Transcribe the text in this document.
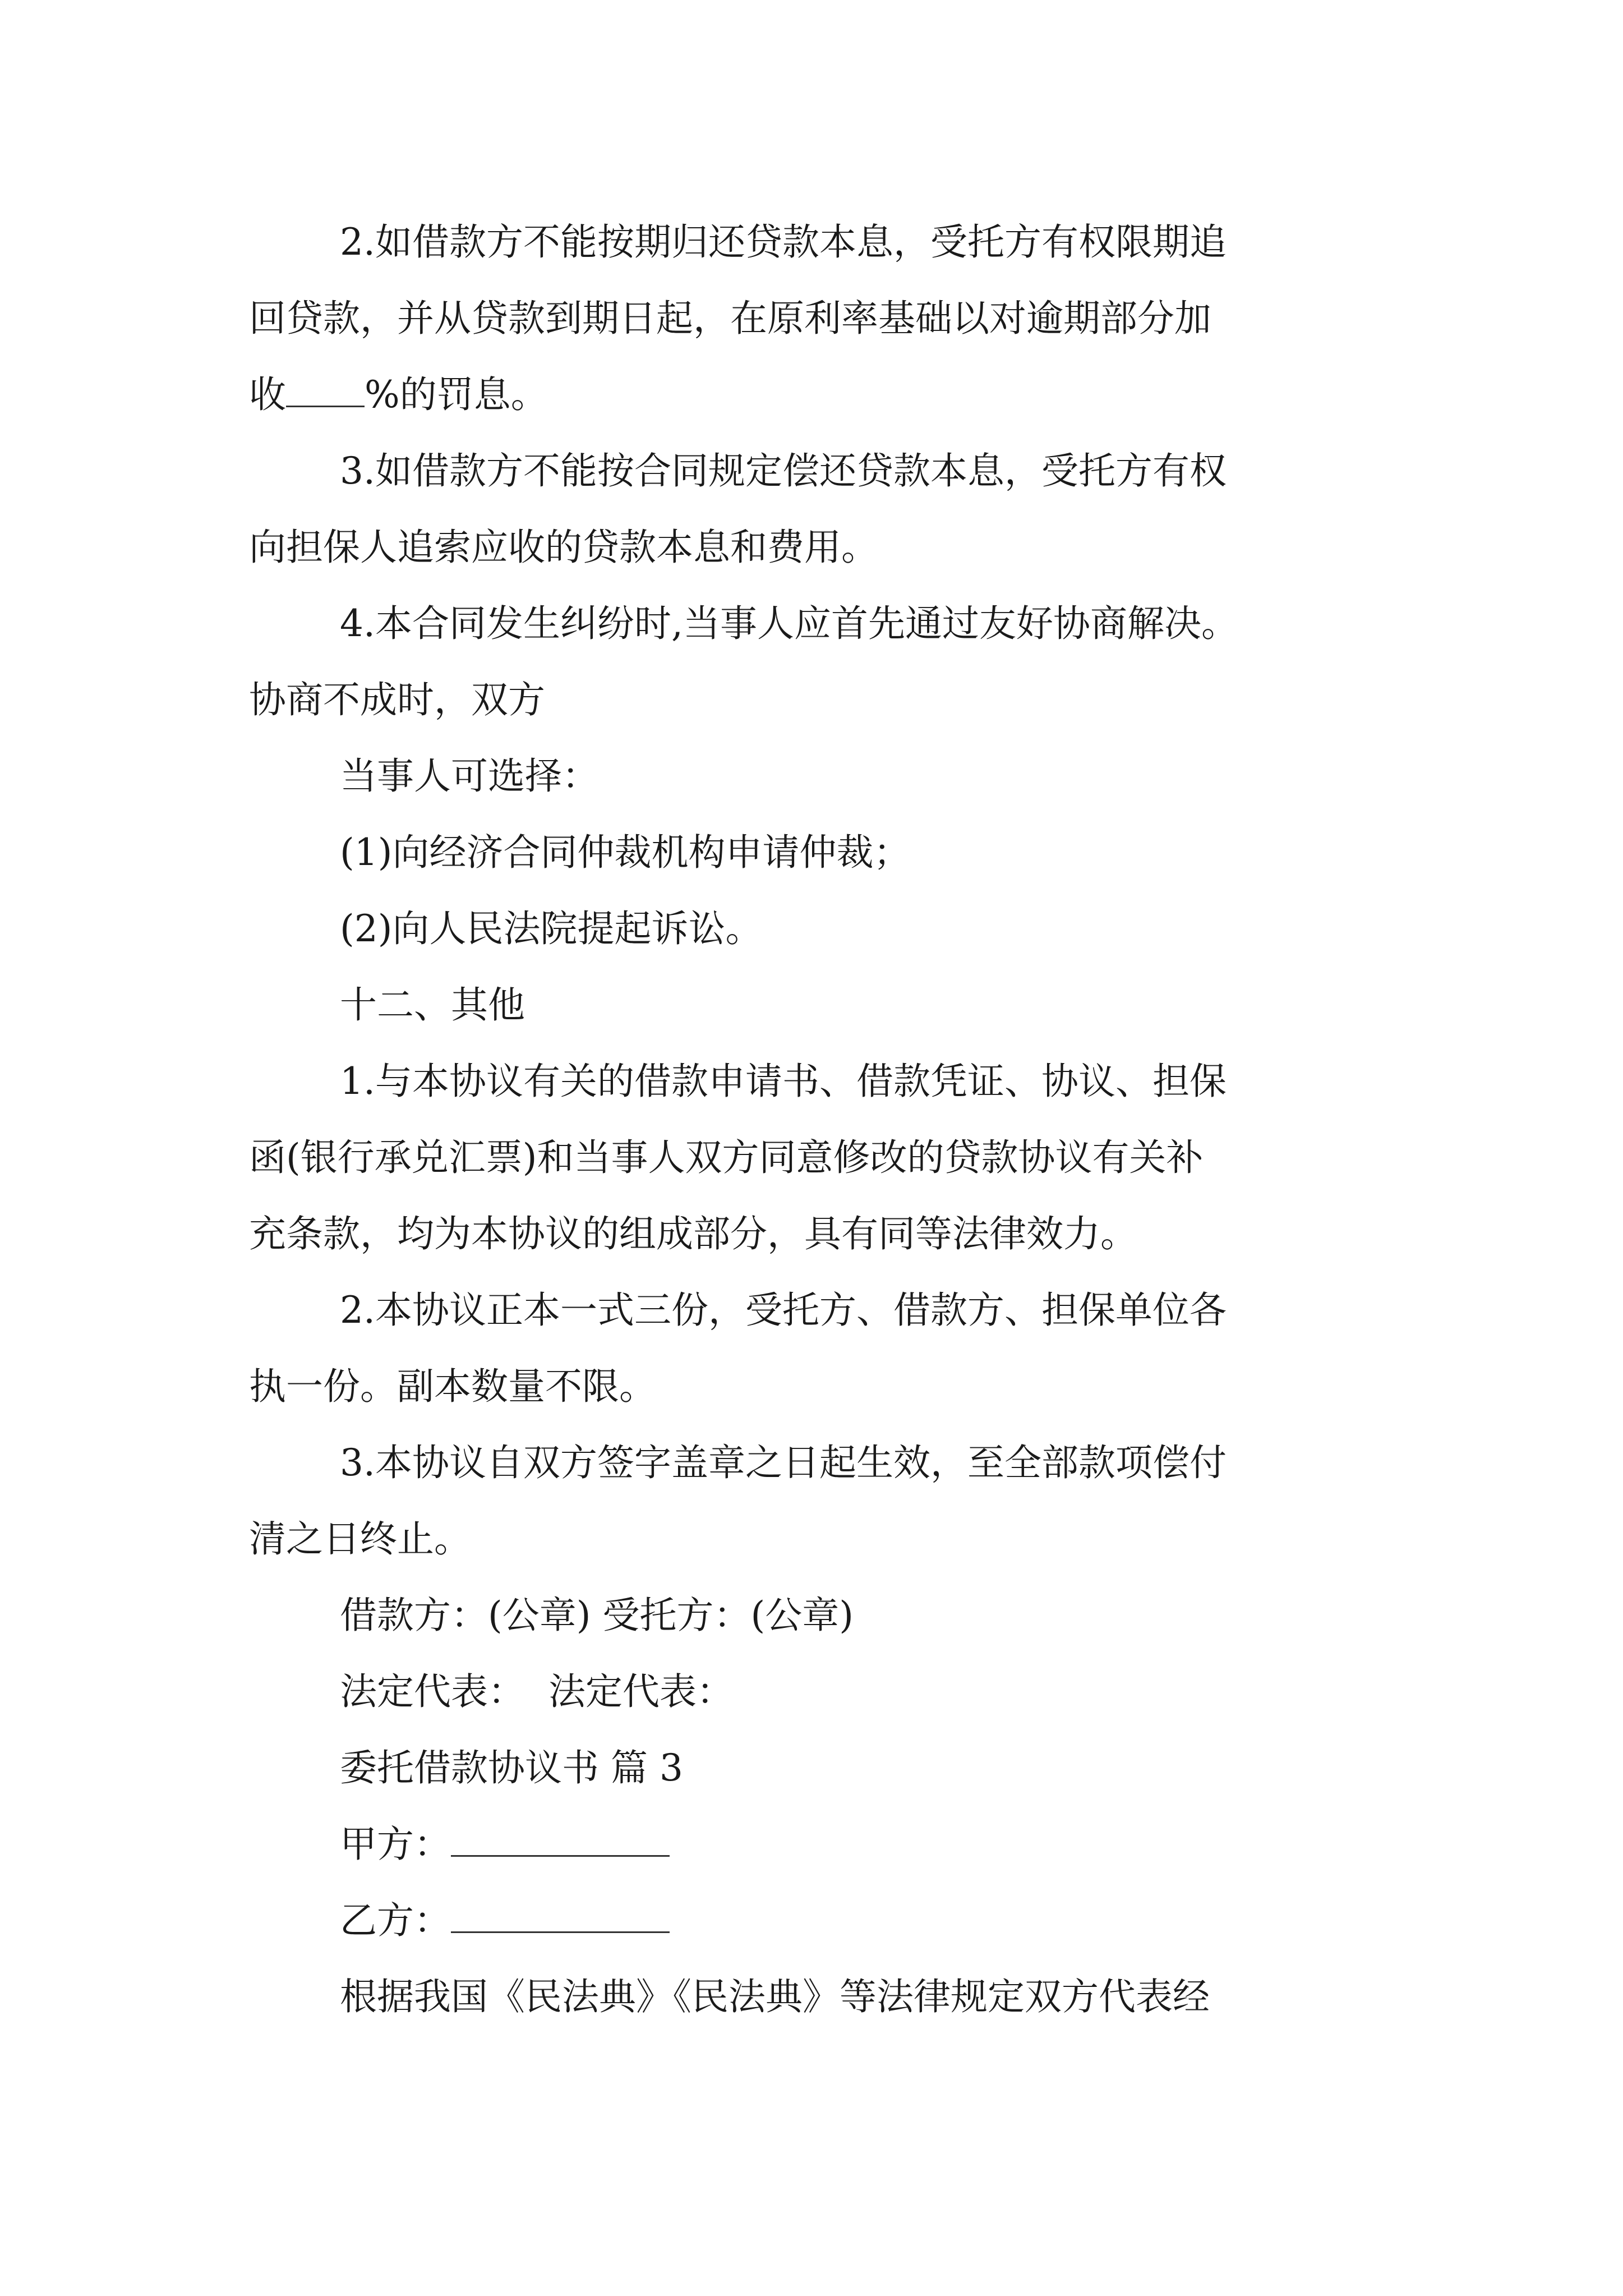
2.如借款方不能按期归还贷款本息，受托方有权限期追
回贷款，并从贷款到期日起，在原利率基础以对逾期部分加
收 %的罚息。
3.如借款方不能按合同规定偿还贷款本息，受托方有权
向担保人追索应收的贷款本息和费用。
4.本合同发生纠纷时,当事人应首先通过友好协商解决。
协商不成时，双方
当事人可选择：
(1)向经济合同仲裁机构申请仲裁；
(2)向人民法院提起诉讼。
十二、其他
1.与本协议有关的借款申请书、借款凭证、协议、担保
函(银行承兑汇票)和当事人双方同意修改的贷款协议有关补
充条款，均为本协议的组成部分，具有同等法律效力。
2.本协议正本一式三份，受托方、借款方、担保单位各
执一份。副本数量不限。
3.本协议自双方签字盖章之日起生效，至全部款项偿付
清之日终止。
借款方：(公章) 受托方：(公章)
法定代表：  法定代表：
委托借款协议书 篇 3
甲方：
乙方：
根据我国《民法典》《民法典》等法律规定双方代表经
